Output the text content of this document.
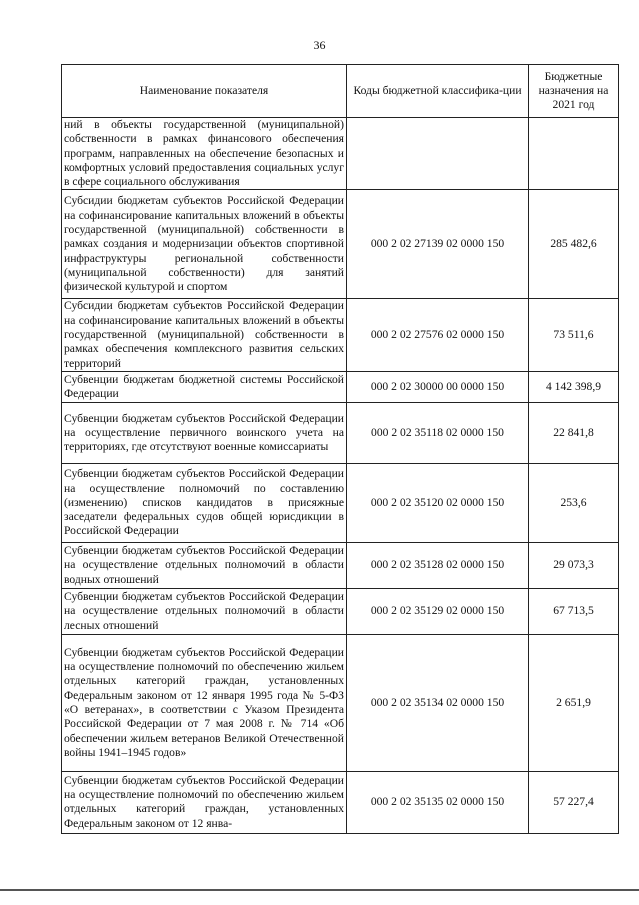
36
Наименование показателя	Коды бюджетной классифика-ции	Бюджетные назначения на 2021 год
ний в объекты государственной (муниципальной) собственности в рамках финансового обеспечения программ, направленных на обеспечение безопасных и комфортных условий предоставления социальных услуг в сфере социального обслуживания		
Субсидии бюджетам субъектов Российской Федерации на софинансирование капитальных вложений в объекты государственной (муниципальной) собственности в рамках создания и модернизации объектов спортивной инфраструктуры региональной собственности (муниципальной собственности) для занятий физической культурой и спортом	000 2 02 27139 02 0000 150	285 482,6
Субсидии бюджетам субъектов Российской Федерации на софинансирование капитальных вложений в объекты государственной (муниципальной) собственности в рамках обеспечения комплексного развития сельских территорий	000 2 02 27576 02 0000 150	73 511,6
Субвенции бюджетам бюджетной системы Российской Федерации	000 2 02 30000 00 0000 150	4 142 398,9
Субвенции бюджетам субъектов Российской Федерации на осуществление первичного воинского учета на территориях, где отсутствуют военные комиссариаты	000 2 02 35118 02 0000 150	22 841,8
Субвенции бюджетам субъектов Российской Федерации на осуществление полномочий по составлению (изменению) списков кандидатов в присяжные заседатели федеральных судов общей юрисдикции в Российской Федерации	000 2 02 35120 02 0000 150	253,6
Субвенции бюджетам субъектов Российской Федерации на осуществление отдельных полномочий в области водных отношений	000 2 02 35128 02 0000 150	29 073,3
Субвенции бюджетам субъектов Российской Федерации на осуществление отдельных полномочий в области лесных отношений	000 2 02 35129 02 0000 150	67 713,5
Субвенции бюджетам субъектов Российской Федерации на осуществление полномочий по обеспечению жильем отдельных категорий граждан, установленных Федеральным законом от 12 января 1995 года № 5-ФЗ «О ветеранах», в соответствии с Указом Президента Российской Федерации от 7 мая 2008 г. № 714 «Об обеспечении жильем ветеранов Великой Отечественной войны 1941–1945 годов»	000 2 02 35134 02 0000 150	2 651,9
Субвенции бюджетам субъектов Российской Федерации на осуществление полномочий по обеспечению жильем отдельных категорий граждан, установленных Федеральным законом от 12 янва-	000 2 02 35135 02 0000 150	57 227,4
